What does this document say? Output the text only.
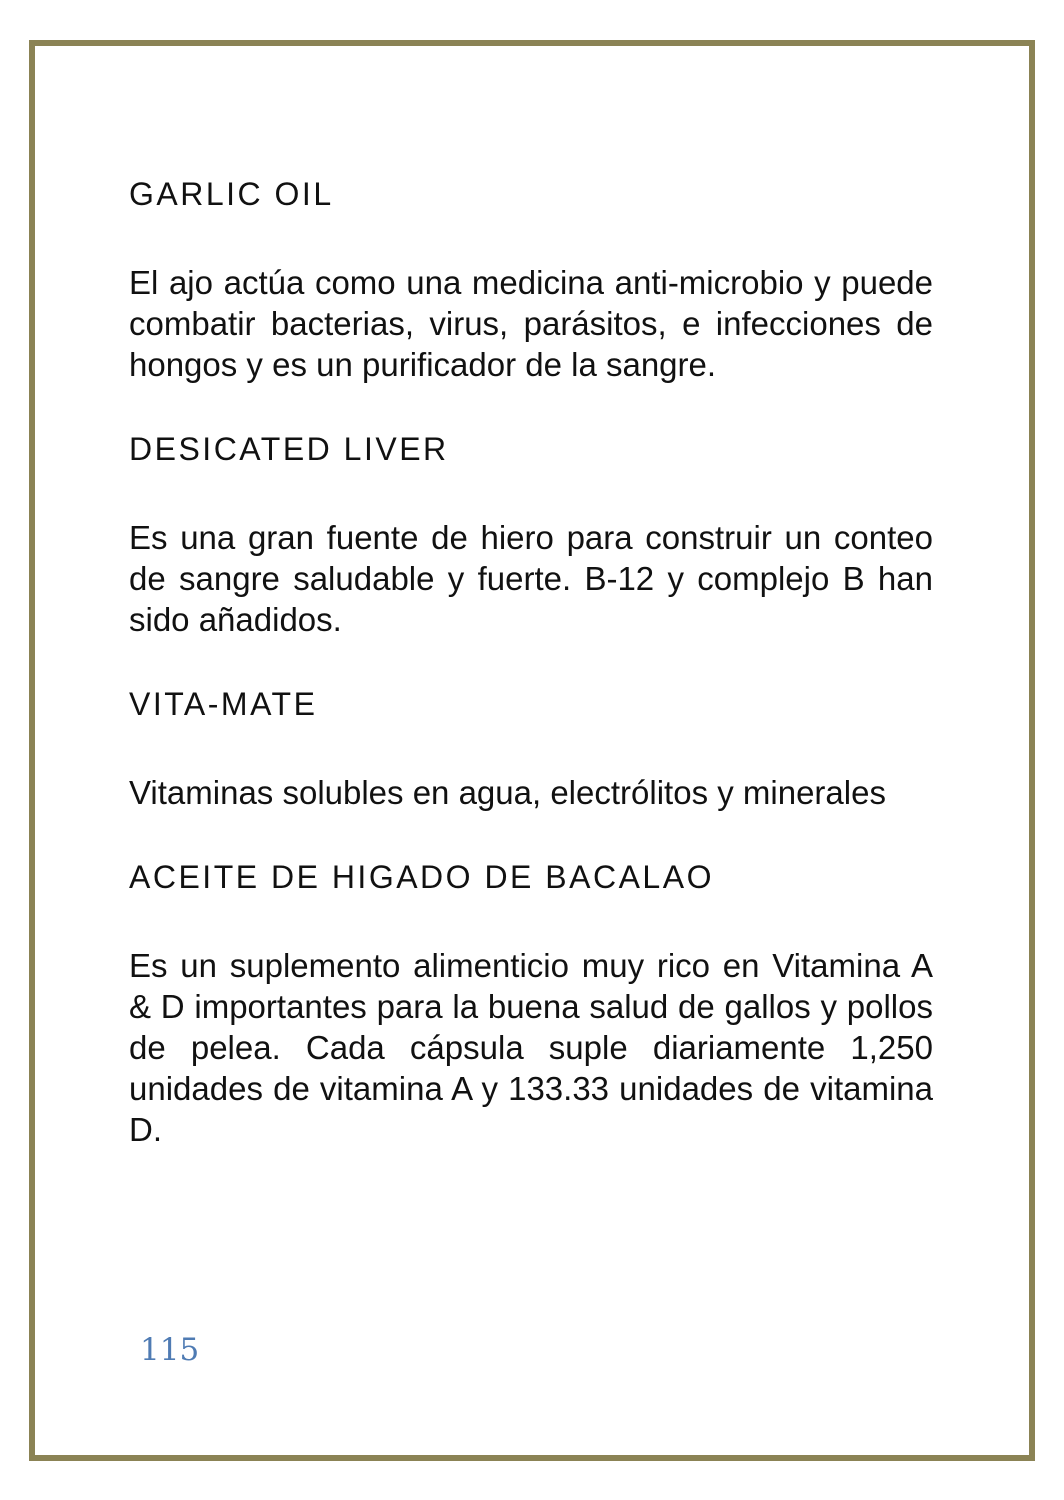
GARLIC OIL

El ajo actúa como una medicina anti-microbio y puede combatir bacterias, virus, parásitos, e infecciones de hongos y es un purificador de la sangre.

DESICATED LIVER

Es una gran fuente de hiero para construir un conteo de sangre saludable y fuerte. B-12 y complejo B han sido añadidos.

VITA-MATE

Vitaminas solubles en agua, electrólitos y minerales

ACEITE DE HIGADO DE BACALAO

Es un suplemento alimenticio muy rico en Vitamina A & D importantes para la buena salud de gallos y pollos de pelea. Cada cápsula suple diariamente 1,250 unidades de vitamina A y 133.33 unidades de vitamina D.

115
